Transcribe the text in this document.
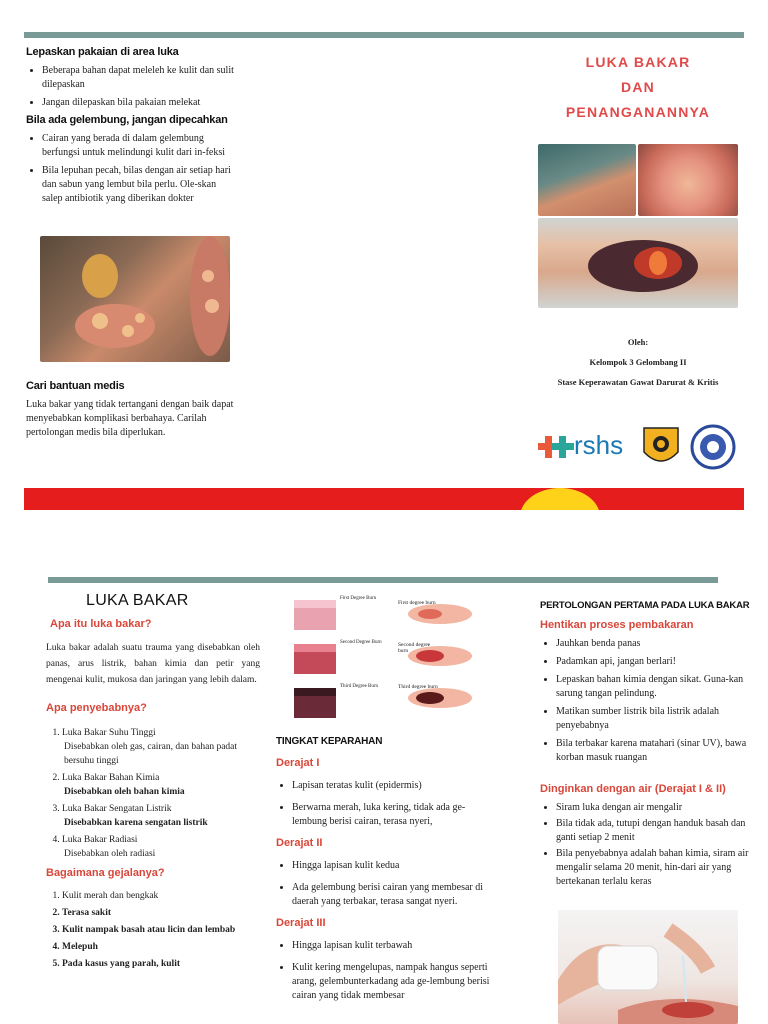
Lepaskan pakaian di area luka
• Beberapa bahan dapat meleleh ke kulit dan sulit dilepaskan
• Jangan dilepaskan bila pakaian melekat
Bila ada gelembung, jangan dipecahkan
• Cairan yang berada di dalam gelembung berfungsi untuk melindungi kulit dari in-feksi
• Bila lepuhan pecah, bilas dengan air setiap hari dan sabun yang lembut bila perlu. Ole-skan salep antibiotik yang diberikan dokter
Cari bantuan medis

Luka bakar yang tidak tertangani dengan baik dapat menyebabkan komplikasi berbahaya. Carilah pertolongan medis bila diperlukan.

LUKA BAKAR
DAN
PENANGANANNYA
Oleh:
Kelompok 3 Gelombang II
Stase Keperawatan Gawat Darurat & Kritis
rshs
LUKA BAKAR
Apa itu luka bakar?

Luka bakar adalah suatu trauma yang disebabkan oleh panas, arus listrik, bahan kimia dan petir yang mengenai kulit, mukosa dan jaringan yang lebih dalam.

Apa penyebabnya?
1. Luka Bakar Suhu Tinggi
Disebabkan oleh gas, cairan, dan bahan padat bersuhu tinggi
2. Luka Bakar Bahan Kimia
Disebabkan oleh bahan kimia
3. Luka Bakar Sengatan Listrik
Disebabkan karena sengatan listrik
4. Luka Bakar Radiasi
Disebabkan oleh radiasi
Bagaimana gejalanya?
1. Kulit merah dan bengkak
2. Terasa sakit
3. Kulit nampak basah atau licin dan lembab
4. Melepuh
5. Pada kasus yang parah, kulit
First Degree Burn
First degree burn
Second Degree Burn	Second degree burn
Third Degree Burn	Third degree burn
TINGKAT KEPARAHAN
Derajat I
• Lapisan teratas kulit (epidermis)
• Berwarna merah, luka kering, tidak ada ge-lembung berisi cairan, terasa nyeri,
Derajat II
• Hingga lapisan kulit kedua
• Ada gelembung berisi cairan yang membesar di daerah yang terbakar, terasa sangat nyeri.
Derajat III
• Hingga lapisan kulit terbawah
• Kulit kering mengelupas, nampak hangus seperti arang, gelembunterkadang ada ge-lembung berisi cairan yang tidak membesar
PERTOLONGAN PERTAMA PADA LUKA BAKAR
Hentikan proses pembakaran
• Jauhkan benda panas
• Padamkan api, jangan berlari!
• Lepaskan bahan kimia dengan sikat. Guna-kan sarung tangan pelindung.
• Matikan sumber listrik bila listrik adalah penyebabnya
• Bila terbakar karena matahari (sinar UV), bawa korban masuk ruangan
Dinginkan dengan air (Derajat I & II)
• Siram luka dengan air mengalir
• Bila tidak ada, tutupi dengan handuk basah dan ganti setiap 2 menit
• Bila penyebabnya adalah bahan kimia, siram air mengalir selama 20 menit, hin-dari air yang bertekanan terlalu keras
